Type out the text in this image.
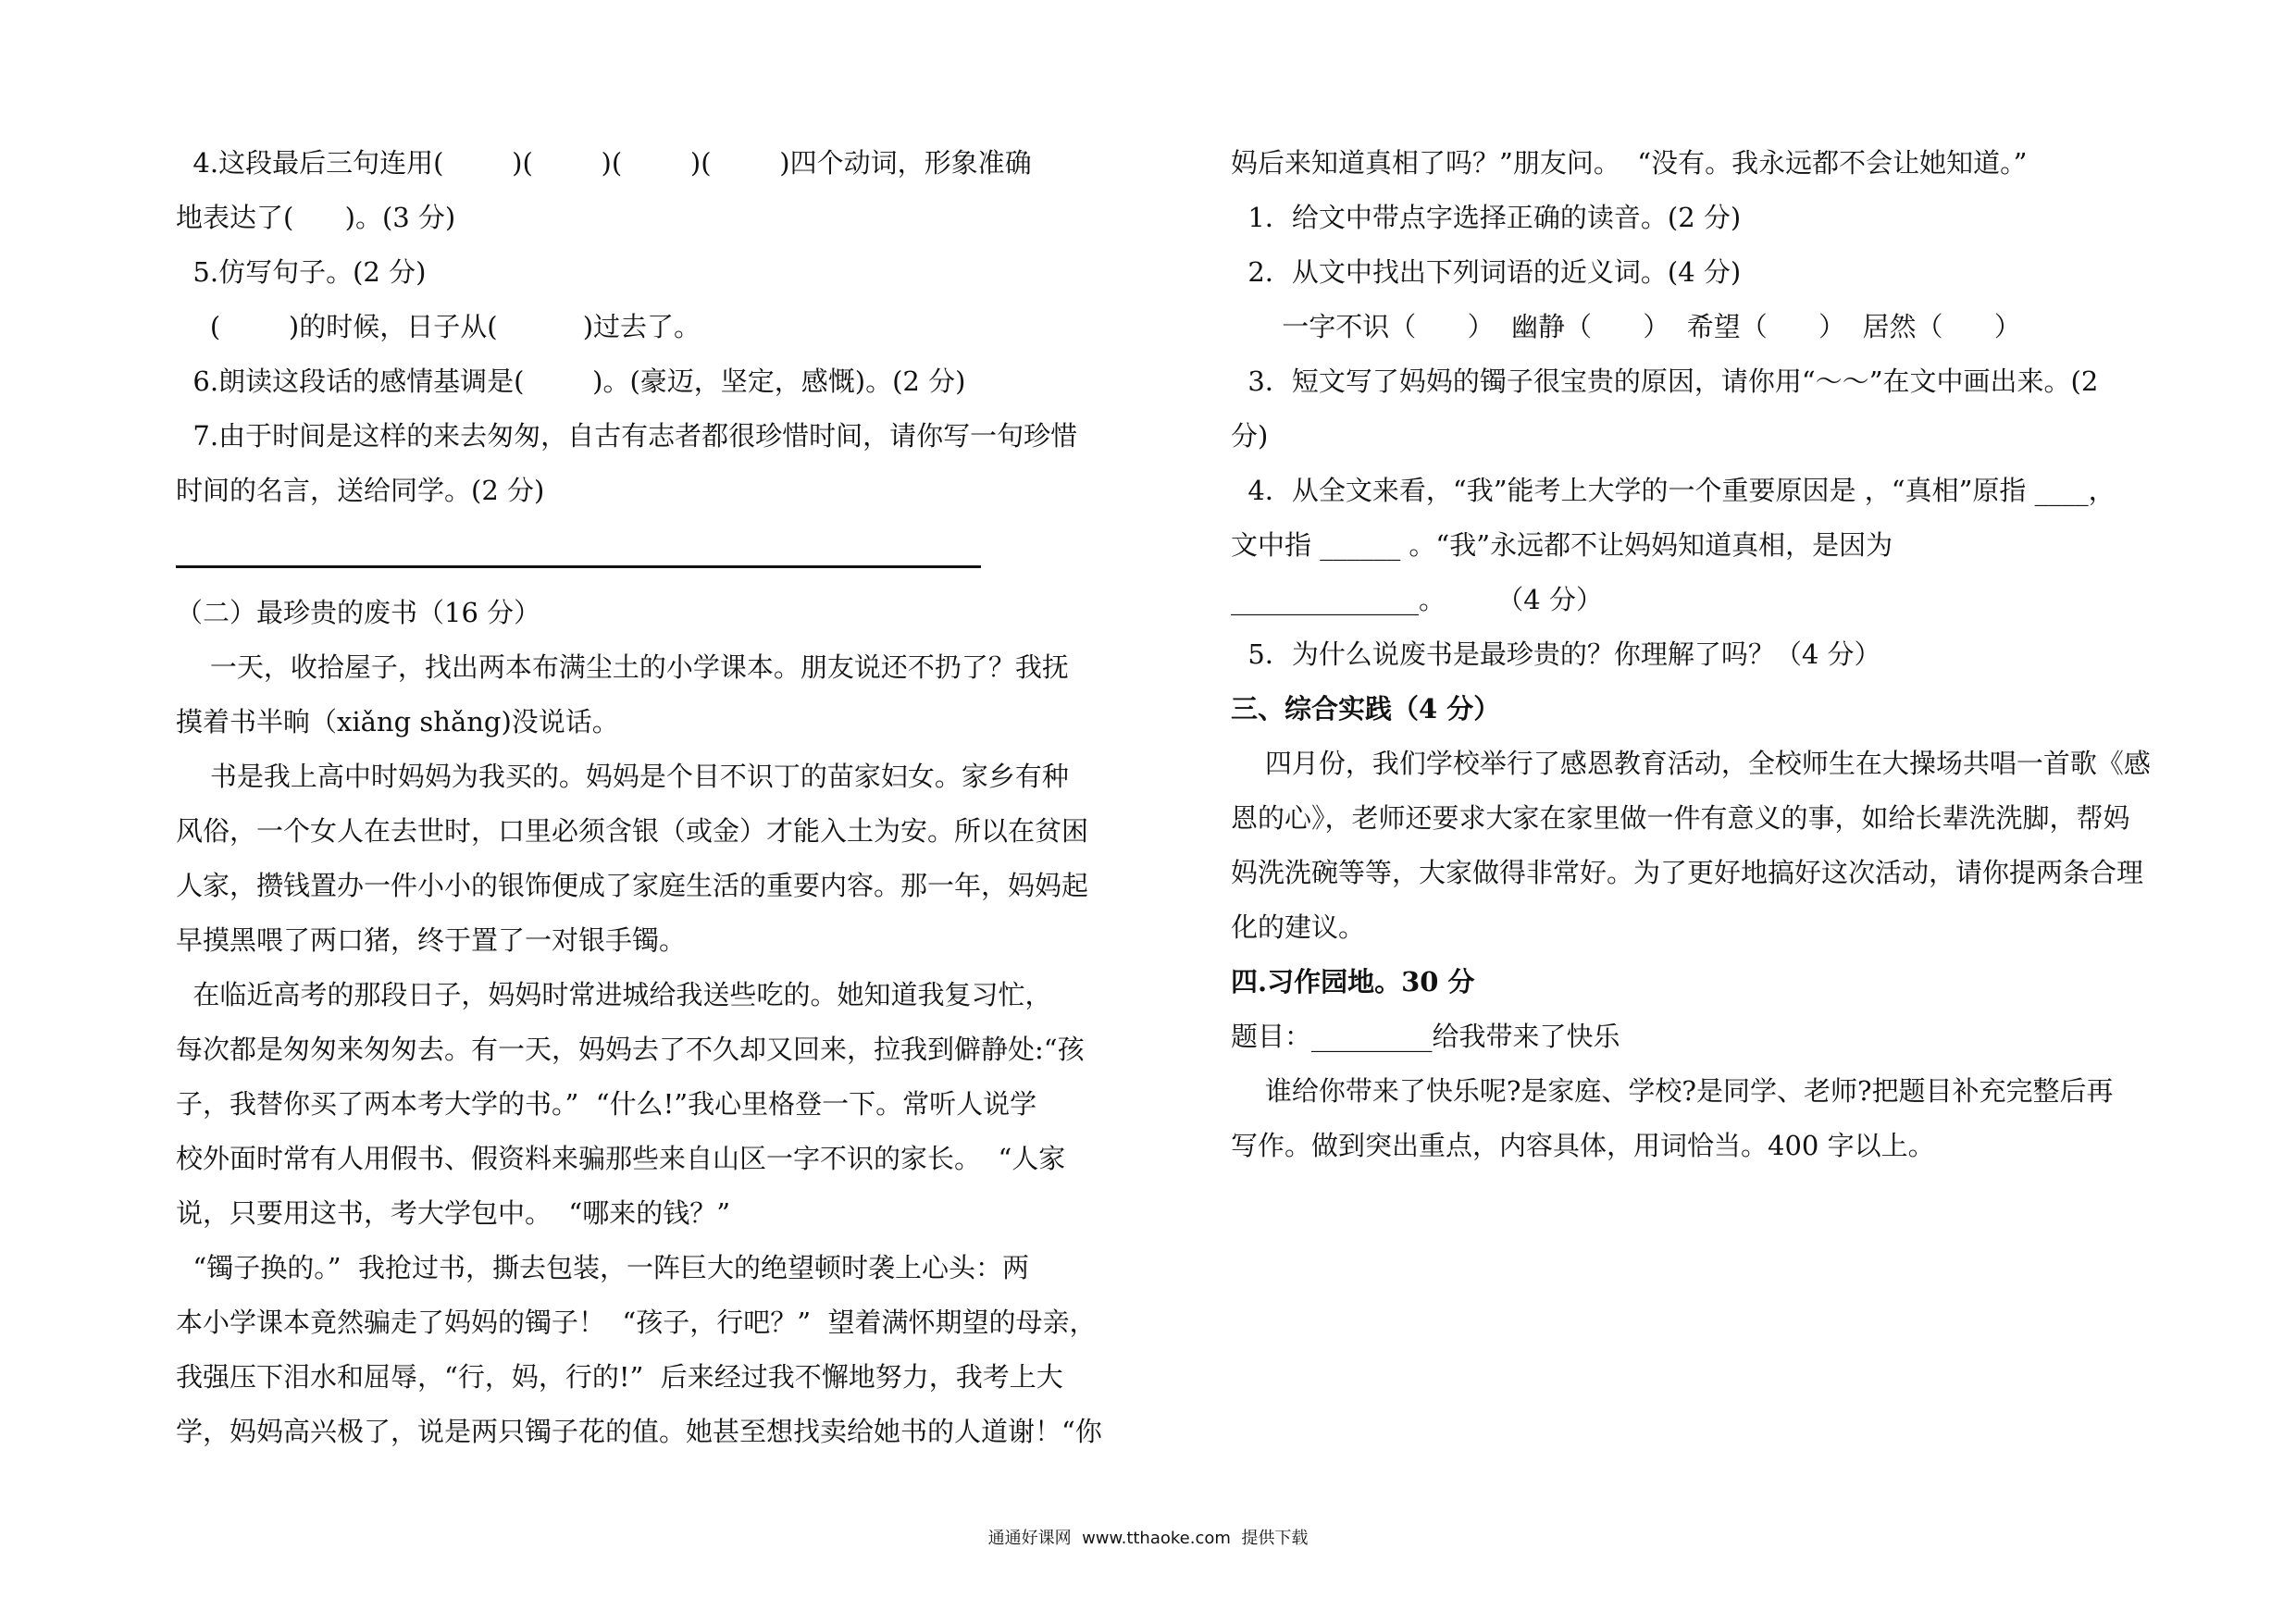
4.这段最后三句连用(        )(        )(        )(        )四个动词，形象准确
地表达了(      )。(3 分)
5.仿写句子。(2 分)
(        )的时候，日子从(          )过去了。
6.朗读这段话的感情基调是(        )。(豪迈，坚定，感慨)。(2 分)
7.由于时间是这样的来去匆匆，自古有志者都很珍惜时间，请你写一句珍惜
时间的名言，送给同学。(2 分)
（二）最珍贵的废书（16 分）
一天，收拾屋子，找出两本布满尘土的小学课本。朋友说还不扔了？我抚
摸着书半晌（xiǎng shǎng)没说话。
书是我上高中时妈妈为我买的。妈妈是个目不识丁的苗家妇女。家乡有种
风俗，一个女人在去世时，口里必须含银（或金）才能入土为安。所以在贫困
人家，攒钱置办一件小小的银饰便成了家庭生活的重要内容。那一年，妈妈起
早摸黑喂了两口猪，终于置了一对银手镯。
在临近高考的那段日子，妈妈时常进城给我送些吃的。她知道我复习忙，
每次都是匆匆来匆匆去。有一天，妈妈去了不久却又回来，拉我到僻静处:“孩
子，我替你买了两本考大学的书。”  “什么!”我心里格登一下。常听人说学
校外面时常有人用假书、假资料来骗那些来自山区一字不识的家长。  “人家
说，只要用这书，考大学包中。  “哪来的钱？”
“镯子换的。”  我抢过书，撕去包装，一阵巨大的绝望顿时袭上心头：两
本小学课本竟然骗走了妈妈的镯子！  “孩子，行吧？”  望着满怀期望的母亲，
我强压下泪水和屈辱，“行，妈，行的!”  后来经过我不懈地努力，我考上大
学，妈妈高兴极了，说是两只镯子花的值。她甚至想找卖给她书的人道谢！“你
妈后来知道真相了吗？”朋友问。  “没有。我永远都不会让她知道。”
1．给文中带点字选择正确的读音。(2 分)
2．从文中找出下列词语的近义词。(4 分)
一字不识（      ）  幽静（      ）  希望（      ）  居然（      ）
3．短文写了妈妈的镯子很宝贵的原因，请你用“～～”在文中画出来。(2
分)
4．从全文来看，“我”能考上大学的一个重要原因是 ，“真相”原指 ____，
文中指 ______ 。“我”永远都不让妈妈知道真相，是因为
______________。      （4 分）
5．为什么说废书是最珍贵的？你理解了吗？（4 分）
三、综合实践（4 分）
四月份，我们学校举行了感恩教育活动，全校师生在大操场共唱一首歌《感
恩的心》，老师还要求大家在家里做一件有意义的事，如给长辈洗洗脚，帮妈
妈洗洗碗等等，大家做得非常好。为了更好地搞好这次活动，请你提两条合理
化的建议。
四.习作园地。30 分
题目：_________给我带来了快乐
谁给你带来了快乐呢?是家庭、学校?是同学、老师?把题目补充完整后再
写作。做到突出重点，内容具体，用词恰当。400 字以上。
通通好课网  www.tthaoke.com  提供下载
